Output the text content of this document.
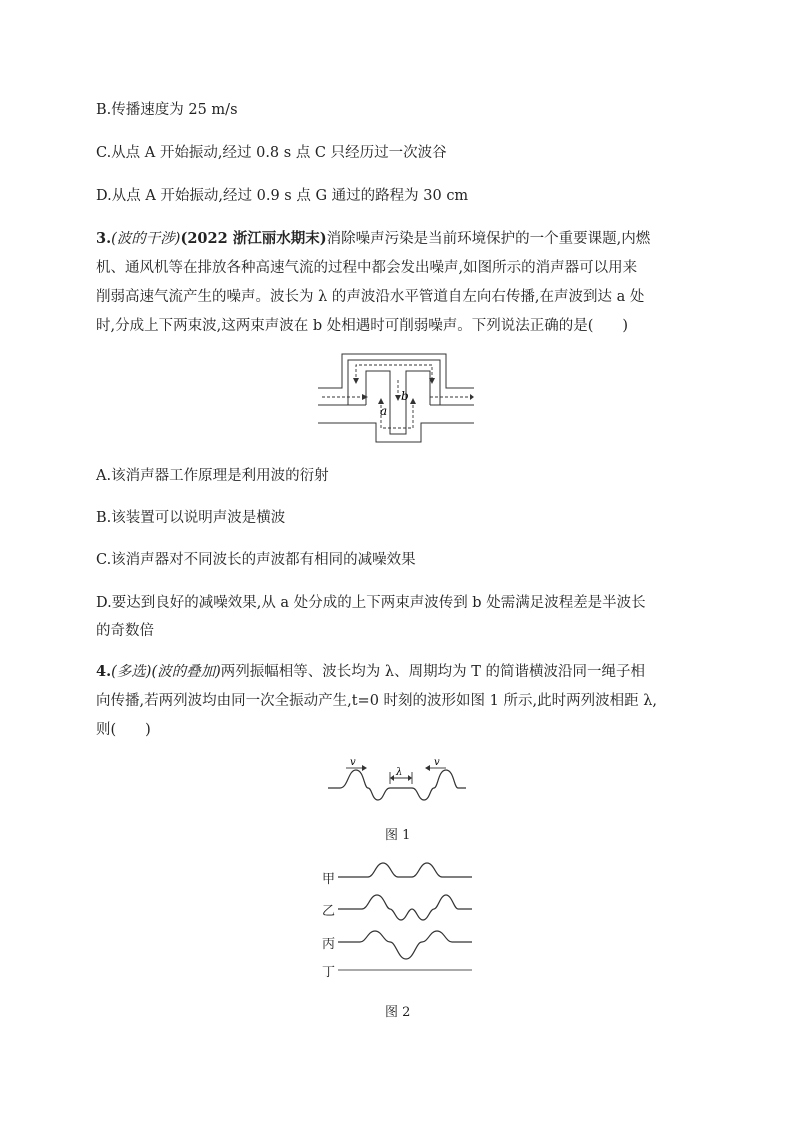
B.传播速度为 25 m/s
C.从点 A 开始振动,经过 0.8 s 点 C 只经历过一次波谷
D.从点 A 开始振动,经过 0.9 s 点 G 通过的路程为 30 cm
3.(波的干涉)(2022 浙江丽水期末)消除噪声污染是当前环境保护的一个重要课题,内燃
机、通风机等在排放各种高速气流的过程中都会发出噪声,如图所示的消声器可以用来
削弱高速气流产生的噪声。波长为 λ 的声波沿水平管道自左向右传播,在声波到达 a 处
时,分成上下两束波,这两束声波在 b 处相遇时可削弱噪声。下列说法正确的是(　　)
a
b
A.该消声器工作原理是利用波的衍射
B.该装置可以说明声波是横波
C.该消声器对不同波长的声波都有相同的减噪效果
D.要达到良好的减噪效果,从 a 处分成的上下两束声波传到 b 处需满足波程差是半波长
的奇数倍
4.(多选)(波的叠加)两列振幅相等、波长均为 λ、周期均为 T 的简谐横波沿同一绳子相
向传播,若两列波均由同一次全振动产生,t=0 时刻的波形如图 1 所示,此时两列波相距 λ,
则(　　)
v	v
λ
图 1
甲
乙
丙
丁
图 2
